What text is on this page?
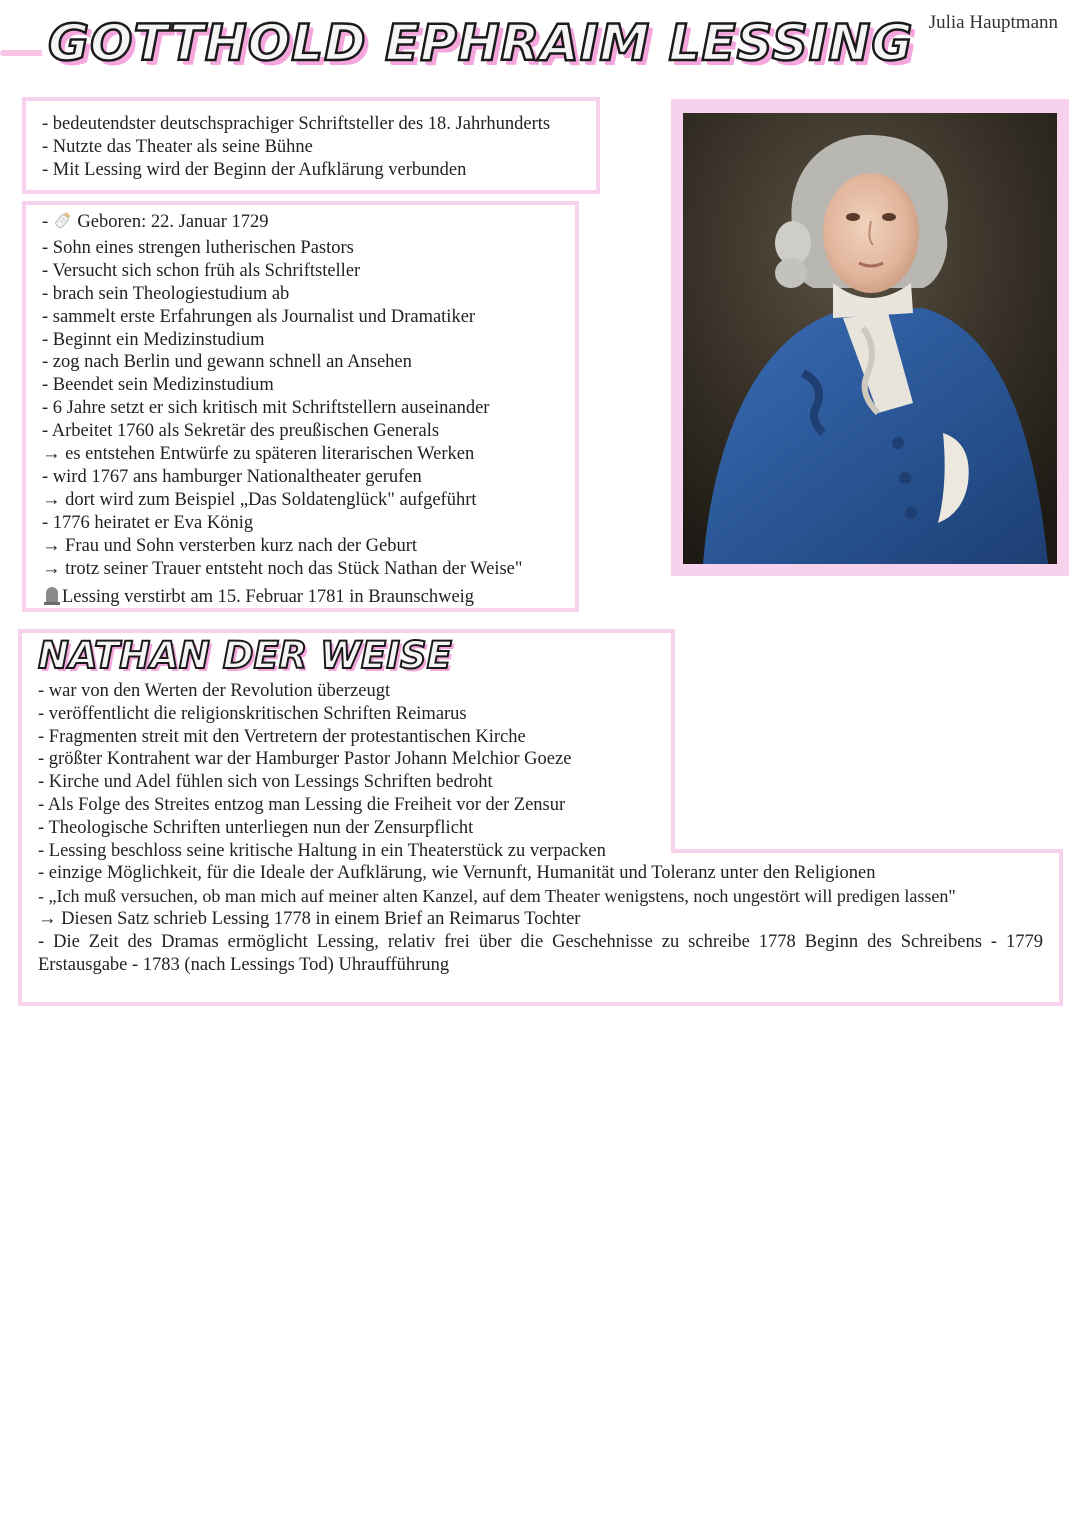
Julia Hauptmann
GOTTHOLD EPHRAIM LESSING
- bedeutendster deutschsprachiger Schriftsteller des 18. Jahrhunderts
- Nutzte das Theater als seine Bühne
- Mit Lessing wird der Beginn der Aufklärung verbunden
- Geboren: 22. Januar 1729
- Sohn eines strengen lutherischen Pastors
- Versucht sich schon früh als Schriftsteller
- brach sein Theologiestudium ab
- sammelt erste Erfahrungen als Journalist und Dramatiker
- Beginnt ein Medizinstudium
- zog nach Berlin und gewann schnell an Ansehen
- Beendet sein Medizinstudium
- 6 Jahre setzt er sich kritisch mit Schriftstellern auseinander
- Arbeitet 1760 als Sekretär des preußischen Generals
→ es entstehen Entwürfe zu späteren literarischen Werken
- wird 1767 ans hamburger Nationaltheater gerufen
→ dort wird zum Beispiel „Das Soldatenglück" aufgeführt
- 1776 heiratet er Eva König
→ Frau und Sohn versterben kurz nach der Geburt
→ trotz seiner Trauer entsteht noch das Stück Nathan der Weise"
Lessing verstirbt am 15. Februar 1781 in Braunschweig
NATHAN DER WEISE
- war von den Werten der Revolution überzeugt
- veröffentlicht die religionskritischen Schriften Reimarus
- Fragmenten streit mit den Vertretern der protestantischen Kirche
- größter Kontrahent war der Hamburger Pastor Johann Melchior Goeze
- Kirche und Adel fühlen sich von Lessings Schriften bedroht
- Als Folge des Streites entzog man Lessing die Freiheit vor der Zensur
- Theologische Schriften unterliegen nun der Zensurpflicht
- Lessing beschloss seine kritische Haltung in ein Theaterstück zu verpacken
- einzige Möglichkeit, für die Ideale der Aufklärung, wie Vernunft, Humanität und Toleranz unter den Religionen
- „Ich muß versuchen, ob man mich auf meiner alten Kanzel, auf dem Theater wenigstens, noch ungestört will predigen lassen"
→ Diesen Satz schrieb Lessing 1778 in einem Brief an Reimarus Tochter
- Die Zeit des Dramas ermöglicht Lessing, relativ frei über die Geschehnisse zu schreibe 1778 Beginn des Schreibens - 1779 Erstausgabe - 1783 (nach Lessings Tod) Uhraufführung
